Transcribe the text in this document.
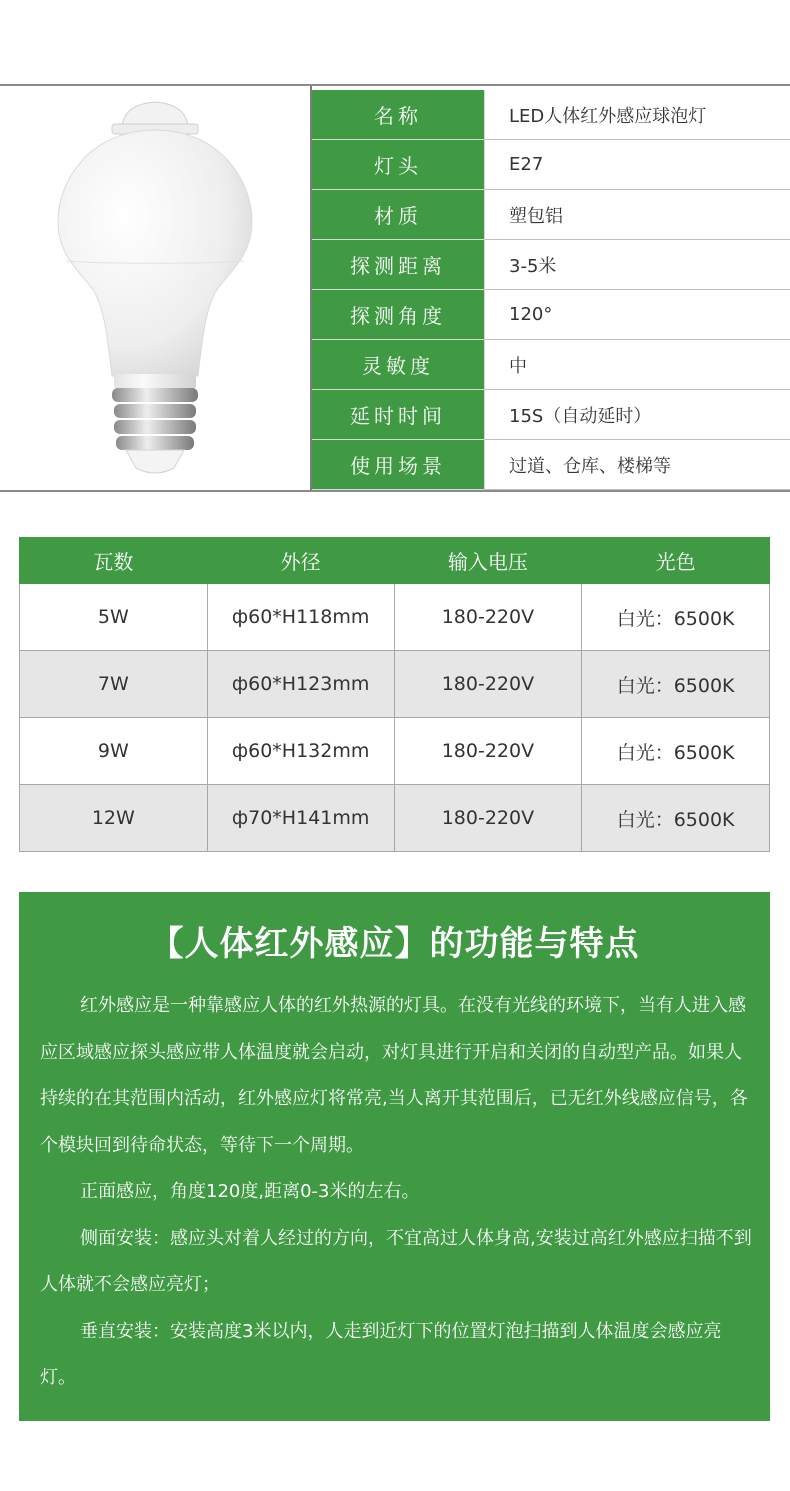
名称	LED人体红外感应球泡灯
灯头	E27
材质	塑包铝
探测距离	3-5米
探测角度	120°
灵敏度	中
延时时间	15S（自动延时）
使用场景	过道、仓库、楼梯等
瓦数	外径	输入电压	光色
5W	ф60*H118mm	180-220V	白光：6500K
7W	ф60*H123mm	180-220V	白光：6500K
9W	ф60*H132mm	180-220V	白光：6500K
12W	ф70*H141mm	180-220V	白光：6500K
【人体红外感应】的功能与特点

红外感应是一种靠感应人体的红外热源的灯具。在没有光线的环境下，当有人进入感应区域感应探头感应带人体温度就会启动，对灯具进行开启和关闭的自动型产品。如果人持续的在其范围内活动，红外感应灯将常亮,当人离开其范围后，已无红外线感应信号，各个模块回到待命状态，等待下一个周期。

正面感应，角度120度,距离0-3米的左右。

侧面安装：感应头对着人经过的方向，不宜高过人体身高,安装过高红外感应扫描不到人体就不会感应亮灯；

垂直安装：安装高度3米以内，人走到近灯下的位置灯泡扫描到人体温度会感应亮灯。
